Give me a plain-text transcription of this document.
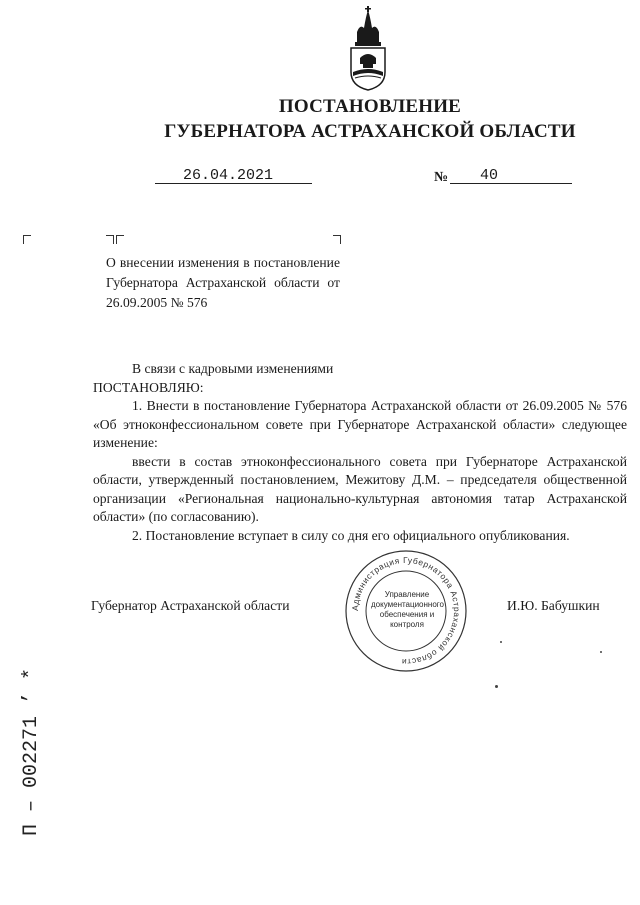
ПОСТАНОВЛЕНИЕ
ГУБЕРНАТОРА АСТРАХАНСКОЙ ОБЛАСТИ
26.04.2021	№ 40
О внесении изменения в постановление Губернатора Астраханской области от 26.09.2005 № 576

В связи с кадровыми изменениями

ПОСТАНОВЛЯЮ:

1. Внести в постановление Губернатора Астраханской области от 26.09.2005 № 576 «Об этноконфессиональном совете при Губернаторе Астраханской области» следующее изменение:

ввести в состав этноконфессионального совета при Губернаторе Астраханской области, утвержденный постановлением, Межитову Д.М. – председателя общественной организации «Региональная национально-культурная автономия татар Астраханской области» (по согласованию).

2. Постановление вступает в силу со дня его официального опубликования.

Губернатор Астраханской области	И.Ю. Бабушкин
Администрация Губернатора Астраханской области
Управление документационного обеспечения и контроля
П – 002271 ’ *
